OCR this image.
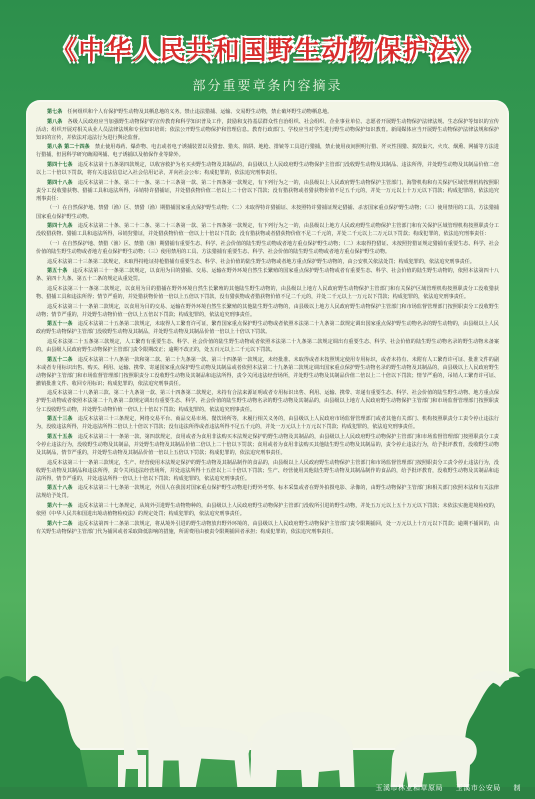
《中华人民共和国野生动物保护法》
部分重要章条内容摘录

第七条  任何组织和个人有保护野生动物及其栖息地的义务。禁止违法猎捕、运输、交易野生动物，禁止破坏野生动物栖息地。

第八条  各级人民政府应当加强野生动物保护的宣传教育和科学知识普及工作，鼓励和支持基层群众性自治组织、社会组织、企业事业单位、志愿者开展野生动物保护法律法规、生态保护等知识的宣传活动；组织开展对相关从业人员法律法规和专业知识培训；依法公开野生动物保护和管理信息。教育行政部门、学校应当对学生进行野生动物保护知识教育。新闻媒体应当开展野生动物保护法律法规和保护知识的宣传，并依法对违法行为进行舆论监督。

第八条 第二十四条  禁止使用毒药、爆炸物、电击或者电子诱捕装置以及猎套、猎夹、陷阱、地枪、排铳等工具进行猎捕，禁止使用夜间照明行猎、歼灭性围猎、捣毁巢穴、火攻、烟熏、网捕等方法进行猎捕，但因科学研究确需网捕、电子诱捕以及植保作业等除外。

第四十七条  违反本法第十五条第四款规定，以收容救护为名买卖野生动物及其制品的，由县级以上人民政府野生动物保护主管部门没收野生动物及其制品、违法所得，并处野生动物及其制品价值二倍以上二十倍以下罚款，将有关违法信息记入社会信用记录，并向社会公布；构成犯罪的，依法追究刑事责任。

第四十八条  违反本法第二十条、第二十一条、第二十三条第一款、第二十四条第一款规定，有下列行为之一的，由县级以上人民政府野生动物保护主管部门、海警机构和有关保护区域管理机构按照职责分工没收猎获物、猎捕工具和违法所得，吊销特许猎捕证，并处猎获物价值二倍以上二十倍以下罚款；没有猎获物或者猎获物价值不足五千元的，并处一万元以上十万元以下罚款；构成犯罪的，依法追究刑事责任：

（一）在自然保护地、禁猎（渔）区、禁猎（渔）期猎捕国家重点保护野生动物；（二）未取得特许猎捕证、未按照特许猎捕证规定猎捕、杀害国家重点保护野生动物；（三）使用禁用的工具、方法猎捕国家重点保护野生动物。

第四十九条  违反本法第二十条、第二十二条、第二十三条第一款、第二十四条第一款规定，有下列行为之一的，由县级以上地方人民政府野生动物保护主管部门和有关保护区域管理机构按照职责分工没收猎获物、猎捕工具和违法所得，吊销狩猎证，并处猎获物价值一倍以上十倍以下罚款；没有猎获物或者猎获物价值不足二千元的，并处二千元以上二万元以下罚款；构成犯罪的，依法追究刑事责任：

（一）在自然保护地、禁猎（渔）区、禁猎（渔）期猎捕有重要生态、科学、社会价值的陆生野生动物或者地方重点保护野生动物；（二）未取得狩猎证、未按照狩猎证规定猎捕有重要生态、科学、社会价值的陆生野生动物或者地方重点保护野生动物；（三）使用禁用的工具、方法猎捕有重要生态、科学、社会价值的陆生野生动物或者地方重点保护野生动物。

违反本法第二十三条第二款规定，未取得持枪证持枪猎捕有重要生态、科学、社会价值的陆生野生动物或者地方重点保护野生动物的，由公安机关依法处罚；构成犯罪的，依法追究刑事责任。

第五十条  违反本法第三十一条第二款规定，以食用为目的猎捕、交易、运输在野外环境自然生长繁殖的国家重点保护野生动物或者有重要生态、科学、社会价值的陆生野生动物的，依照本法第四十八条、第四十九条、第五十二条的规定从重处罚。

违反本法第三十一条第二款规定，以食用为目的猎捕在野外环境自然生长繁殖的其他陆生野生动物的，由县级以上地方人民政府野生动物保护主管部门和有关保护区域管理机构按照职责分工没收猎获物、猎捕工具和违法所得；情节严重的，并处猎获物价值一倍以上五倍以下罚款，没有猎获物或者猎获物价值不足二千元的，并处二千元以上一万元以下罚款；构成犯罪的，依法追究刑事责任。

违反本法第三十一条第二款规定，以食用为目的交易、运输在野外环境自然生长繁殖的其他陆生野生动物的，由县级以上地方人民政府野生动物保护主管部门和市场监督管理部门按照职责分工没收野生动物；情节严重的，并处野生动物价值一倍以上五倍以下罚款；构成犯罪的，依法追究刑事责任。

第五十一条  违反本法第二十五条第二款规定，未取得人工繁育许可证，繁育国家重点保护野生动物或者依照本法第二十九条第二款规定调出国家重点保护野生动物名录的野生动物的，由县级以上人民政府野生动物保护主管部门没收野生动物及其制品，并处野生动物及其制品价值一倍以上十倍以下罚款。

违反本法第二十五条第三款规定，人工繁育有重要生态、科学、社会价值的陆生野生动物或者依照本法第二十九条第二款规定调出有重要生态、科学、社会价值的陆生野生动物名录的野生动物未备案的，由县级人民政府野生动物保护主管部门责令限期改正；逾期不改正的，处五百元以上二千元以下罚款。

第五十二条  违反本法第二十八条第一款和第二款、第二十九条第一款、第三十四条第一款规定，未经批准、未取得或者未按照规定使用专用标识，或者未持有、未附有人工繁育许可证、批准文件的副本或者专用标识出售、购买、利用、运输、携带、寄递国家重点保护野生动物及其制品或者依照本法第二十九条第二款规定调出国家重点保护野生动物名录的野生动物及其制品的，由县级以上人民政府野生动物保护主管部门和市场监督管理部门按照职责分工没收野生动物及其制品和违法所得，责令关闭违法经营场所，并处野生动物及其制品价值二倍以上二十倍以下罚款；情节严重的，吊销人工繁育许可证、撤销批准文件、收回专用标识；构成犯罪的，依法追究刑事责任。

违反本法第二十八条第三款、第二十九条第一款、第三十四条第二款规定，未持有合法来源证明或者专用标识出售、利用、运输、携带、寄递有重要生态、科学、社会价值的陆生野生动物、地方重点保护野生动物或者依照本法第二十九条第二款规定调出有重要生态、科学、社会价值的陆生野生动物名录的野生动物及其制品的，由县级以上地方人民政府野生动物保护主管部门和市场监督管理部门按照职责分工没收野生动物，并处野生动物价值一倍以上十倍以下罚款；构成犯罪的，依法追究刑事责任。

第五十三条  违反本法第三十三条规定，网络交易平台、商品交易市场、餐饮场所等，未履行相关义务的，由县级以上人民政府市场监督管理部门或者其他有关部门、机构按照职责分工责令停止违法行为，没收违法所得，并处违法所得二倍以上十倍以下罚款；没有违法所得或者违法所得不足五千元的，并处一万元以上十万元以下罚款；构成犯罪的，依法追究刑事责任。

第五十五条  违反本法第三十一条第一款、第四款规定，食用或者为食用非法购买本法规定保护的野生动物及其制品的，由县级以上人民政府野生动物保护主管部门和市场监督管理部门按照职责分工责令停止违法行为，没收野生动物及其制品，并处野生动物及其制品价值二倍以上二十倍以下罚款；食用或者为食用非法购买其他陆生野生动物及其制品的，责令停止违法行为，给予批评教育，没收野生动物及其制品，情节严重的，并处野生动物及其制品价值一倍以上五倍以下罚款；构成犯罪的，依法追究刑事责任。

违反本法第三十一条第三款规定，生产、经营使用本法规定保护的野生动物及其制品制作的食品的，由县级以上人民政府野生动物保护主管部门和市场监督管理部门按照职责分工责令停止违法行为，没收野生动物及其制品和违法所得，责令关闭违法经营场所，并处违法所得十五倍以上三十倍以下罚款；生产、经营使用其他陆生野生动物及其制品制作的食品的，给予批评教育，没收野生动物及其制品和违法所得，情节严重的，并处违法所得一倍以上十倍以下罚款；构成犯罪的，依法追究刑事责任。

第五十八条  违反本法第三十七条第一款规定，外国人在我国对国家重点保护野生动物进行野外考察、标本采集或者在野外拍摄电影、录像的，由野生动物保护主管部门和相关部门依照本法和有关法律法规给予处罚。

第六十一条  违反本法第三十七条规定，从境外引进野生动物物种的，由县级以上人民政府野生动物保护主管部门没收所引进的野生动物，并处五万元以上五十万元以下罚款；未依法实施进境检疫的，依照《中华人民共和国进出境动植物检疫法》的规定处罚；构成犯罪的，依法追究刑事责任。

第六十二条  违反本法第四十二条第二款规定，将从境外引进的野生动物放归野外环境的，由县级以上人民政府野生动物保护主管部门责令限期捕回，处一万元以上十万元以下罚款；逾期不捕回的，由有关野生动物保护主管部门代为捕回或者采取降低影响的措施，所需费用由被责令限期捕回者承担；构成犯罪的，依法追究刑事责任。

玉溪市林业和草原局 玉溪市公安局 制
